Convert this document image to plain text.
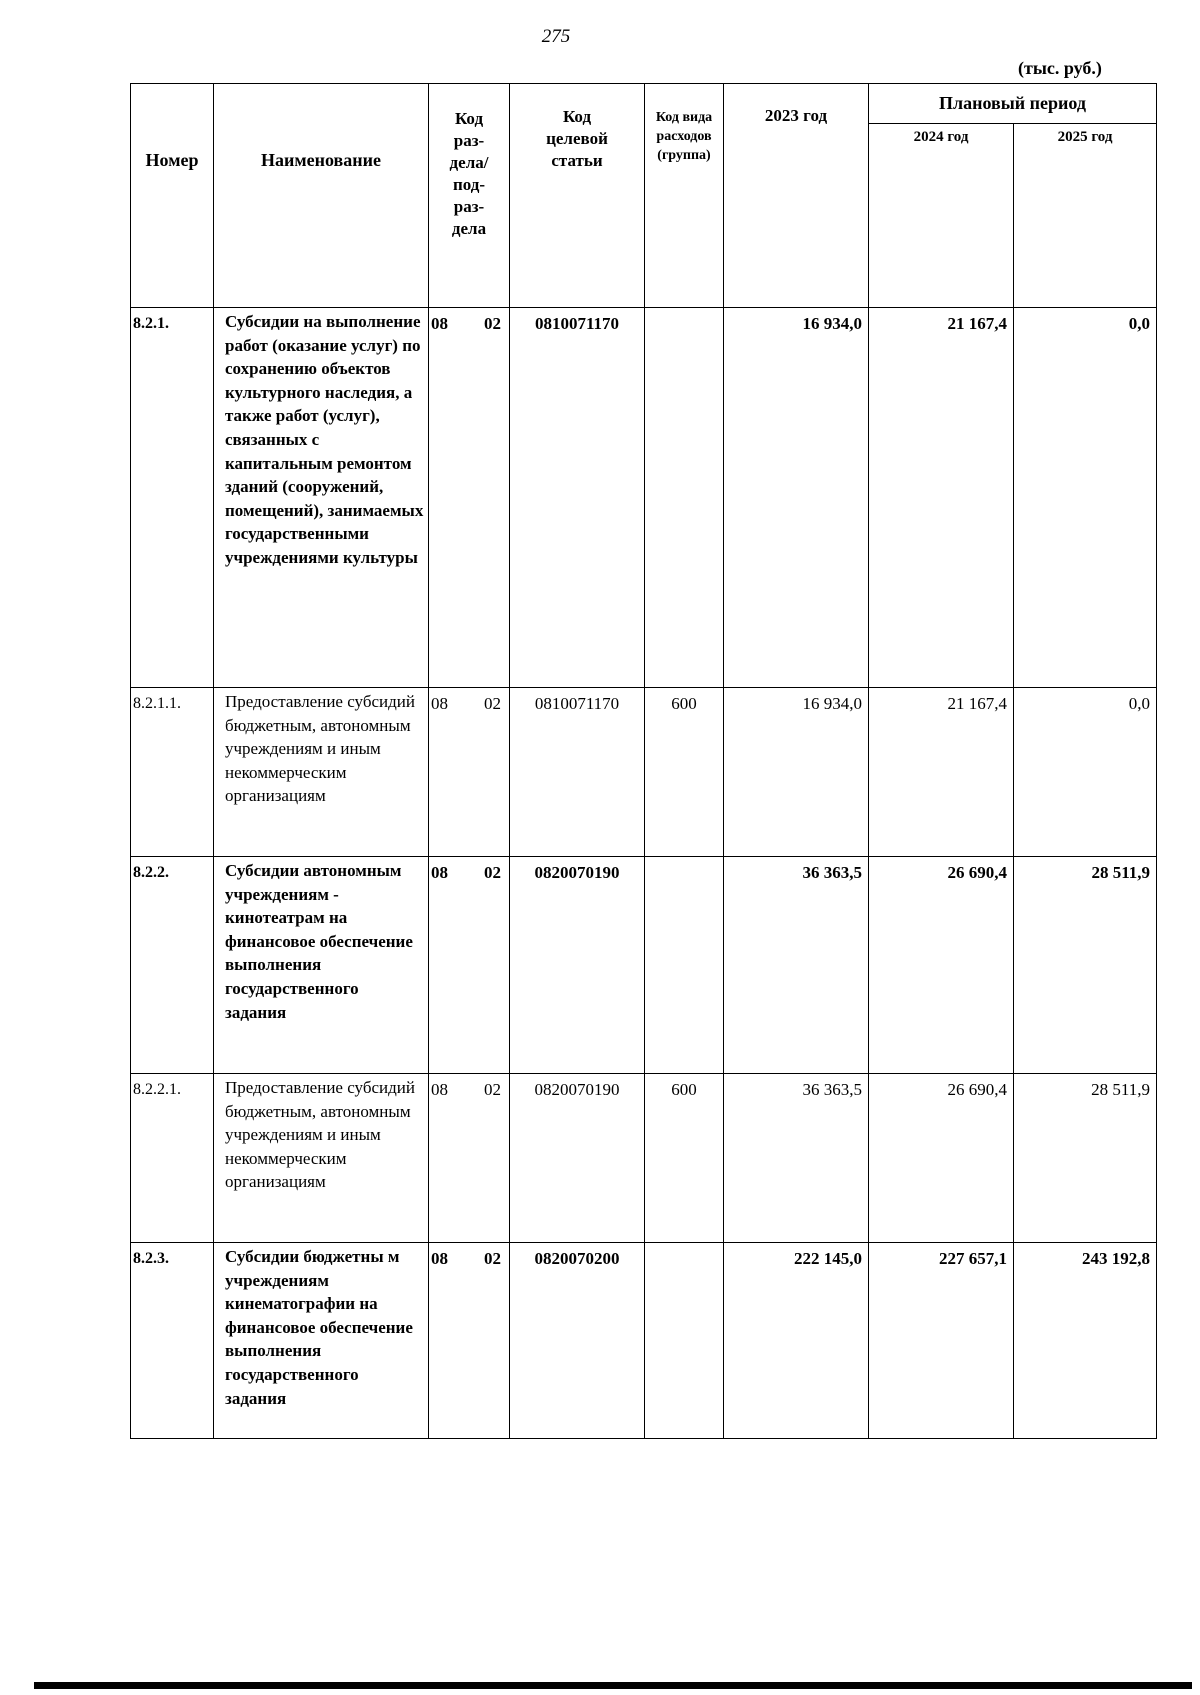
275
(тыс. руб.)
Номер	Наименование	Код раз- дела/ под- раз- дела	Код целевой статьи	Код вида расходов (группа)	2023 год	Плановый период	
						2024 год	2025 год
8.2.1.	Субсидии на выполнение работ (оказание услуг) по сохранению объектов культурного наследия, а также работ (услуг), связанных с капитальным ремонтом зданий (сооружений, помещений), занимаемых государственными учреждениями культуры	08 02	0810071170		16 934,0	21 167,4	0,0
8.2.1.1.	Предоставление субсидий бюджетным, автономным учреждениям и иным некоммерческим организациям	08 02	0810071170	600	16 934,0	21 167,4	0,0
8.2.2.	Субсидии автономным учреждениям - кинотеатрам на финансовое обеспечение выполнения государственного задания	08 02	0820070190		36 363,5	26 690,4	28 511,9
8.2.2.1.	Предоставление субсидий бюджетным, автономным учреждениям и иным некоммерческим организациям	08 02	0820070190	600	36 363,5	26 690,4	28 511,9
8.2.3.	Субсидии бюджетны м учреждениям кинематографии на финансовое обеспечение выполнения государственного задания	08 02	0820070200		222 145,0	227 657,1	243 192,8
